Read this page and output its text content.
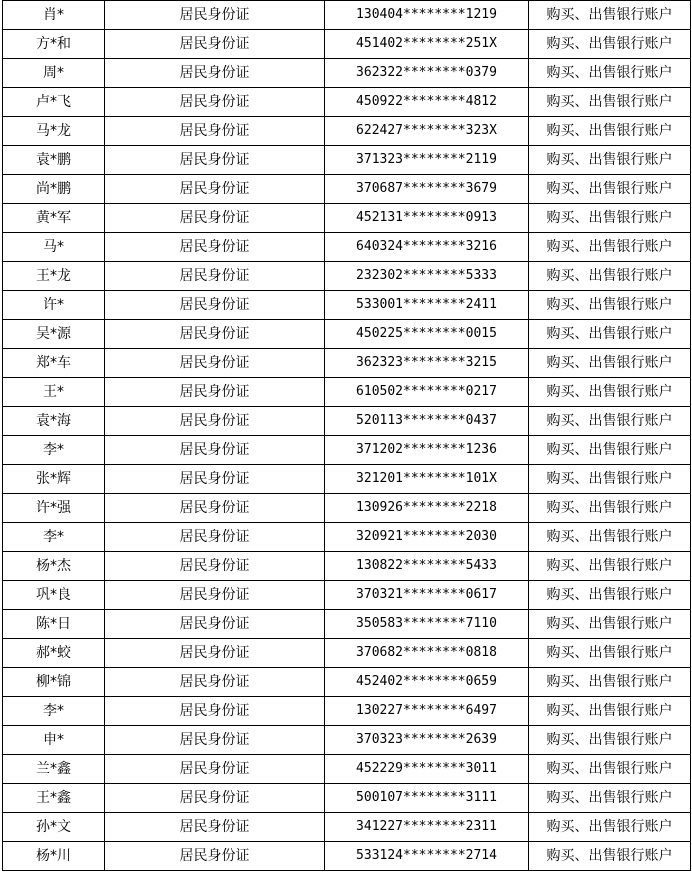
肖*	居民身份证	130404********1219	购买、出售银行账户
方*和	居民身份证	451402********251X	购买、出售银行账户
周*	居民身份证	362322********0379	购买、出售银行账户
卢*飞	居民身份证	450922********4812	购买、出售银行账户
马*龙	居民身份证	622427********323X	购买、出售银行账户
袁*鹏	居民身份证	371323********2119	购买、出售银行账户
尚*鹏	居民身份证	370687********3679	购买、出售银行账户
黄*军	居民身份证	452131********0913	购买、出售银行账户
马*	居民身份证	640324********3216	购买、出售银行账户
王*龙	居民身份证	232302********5333	购买、出售银行账户
许*	居民身份证	533001********2411	购买、出售银行账户
吴*源	居民身份证	450225********0015	购买、出售银行账户
郑*车	居民身份证	362323********3215	购买、出售银行账户
王*	居民身份证	610502********0217	购买、出售银行账户
袁*海	居民身份证	520113********0437	购买、出售银行账户
李*	居民身份证	371202********1236	购买、出售银行账户
张*辉	居民身份证	321201********101X	购买、出售银行账户
许*强	居民身份证	130926********2218	购买、出售银行账户
李*	居民身份证	320921********2030	购买、出售银行账户
杨*杰	居民身份证	130822********5433	购买、出售银行账户
巩*良	居民身份证	370321********0617	购买、出售银行账户
陈*日	居民身份证	350583********7110	购买、出售银行账户
郝*蛟	居民身份证	370682********0818	购买、出售银行账户
柳*锦	居民身份证	452402********0659	购买、出售银行账户
李*	居民身份证	130227********6497	购买、出售银行账户
申*	居民身份证	370323********2639	购买、出售银行账户
兰*鑫	居民身份证	452229********3011	购买、出售银行账户
王*鑫	居民身份证	500107********3111	购买、出售银行账户
孙*文	居民身份证	341227********2311	购买、出售银行账户
杨*川	居民身份证	533124********2714	购买、出售银行账户
